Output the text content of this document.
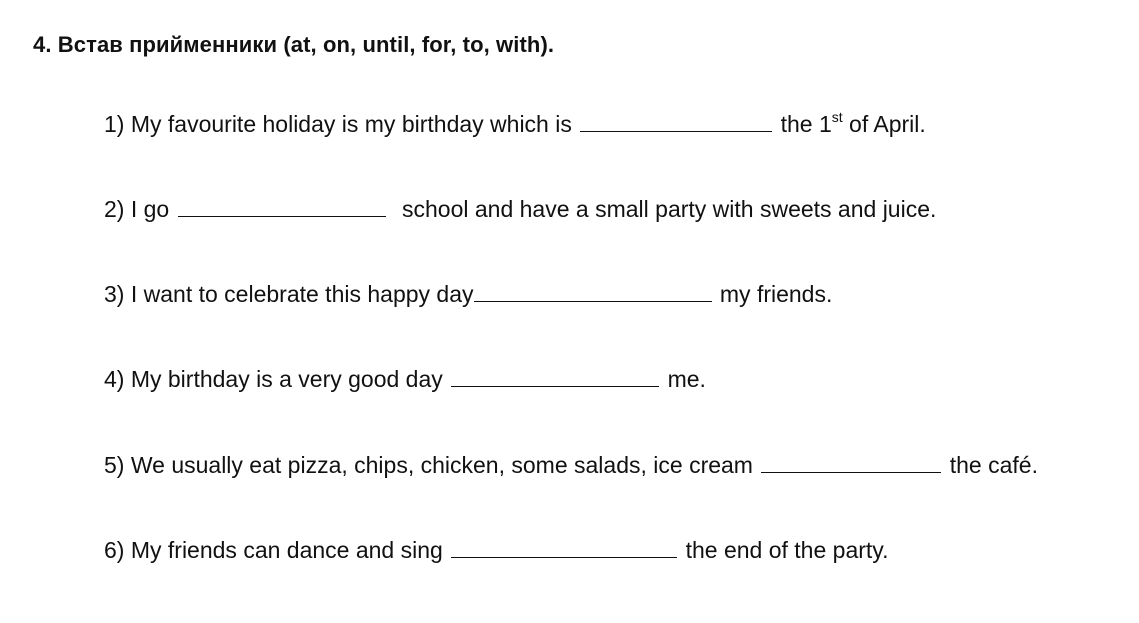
4. Встав прийменники (at, on, until, for, to, with).
1) My favourite holiday is my birthday which is	the 1st of April.
2) I go	school and have a small party with sweets and juice.
3) I want to celebrate this happy day	my friends.
4) My birthday is a very good day	me.
5) We usually eat pizza, chips, chicken, some salads, ice cream	the café.
6) My friends can dance and sing	the end of the party.
